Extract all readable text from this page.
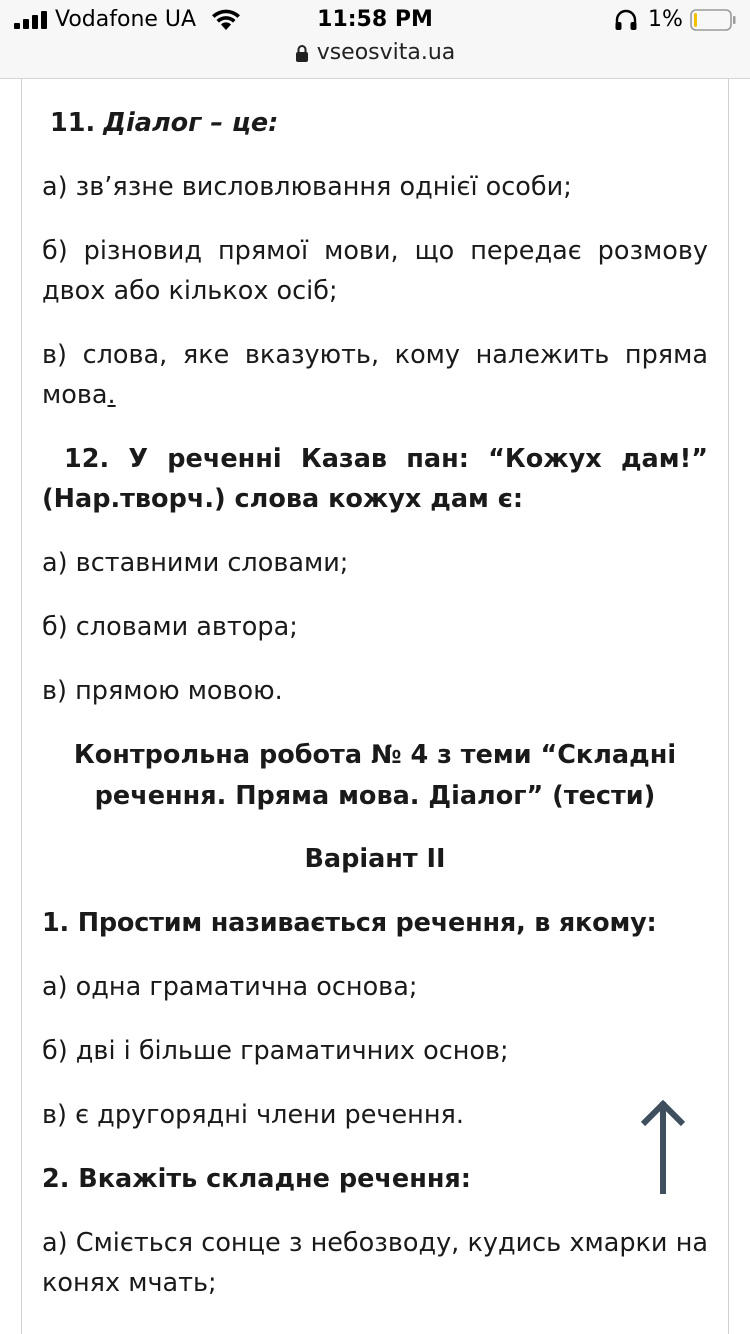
Vodafone UA	11:58 PM	1%
vseosvita.ua
11. Діалог – це:
а) зв’язне висловлювання однієї особи;
б) різновид прямої мови, що передає розмову двох або кількох осіб;
в) слова, яке вказують, кому належить пряма мова.
12. У реченні Казав пан: “Кожух дам!” (Нар.творч.) слова кожух дам є:
а) вставними словами;
б) словами автора;
в) прямою мовою.
Контрольна робота № 4 з теми “Складні речення. Пряма мова. Діалог” (тести)
Варіант ІІ
1. Простим називається речення, в якому:
а) одна граматична основа;
б) дві і більше граматичних основ;
в) є другорядні члени речення.
2. Вкажіть складне речення:
а) Сміється сонце з небозводу, кудись хмарки на конях мчать;
